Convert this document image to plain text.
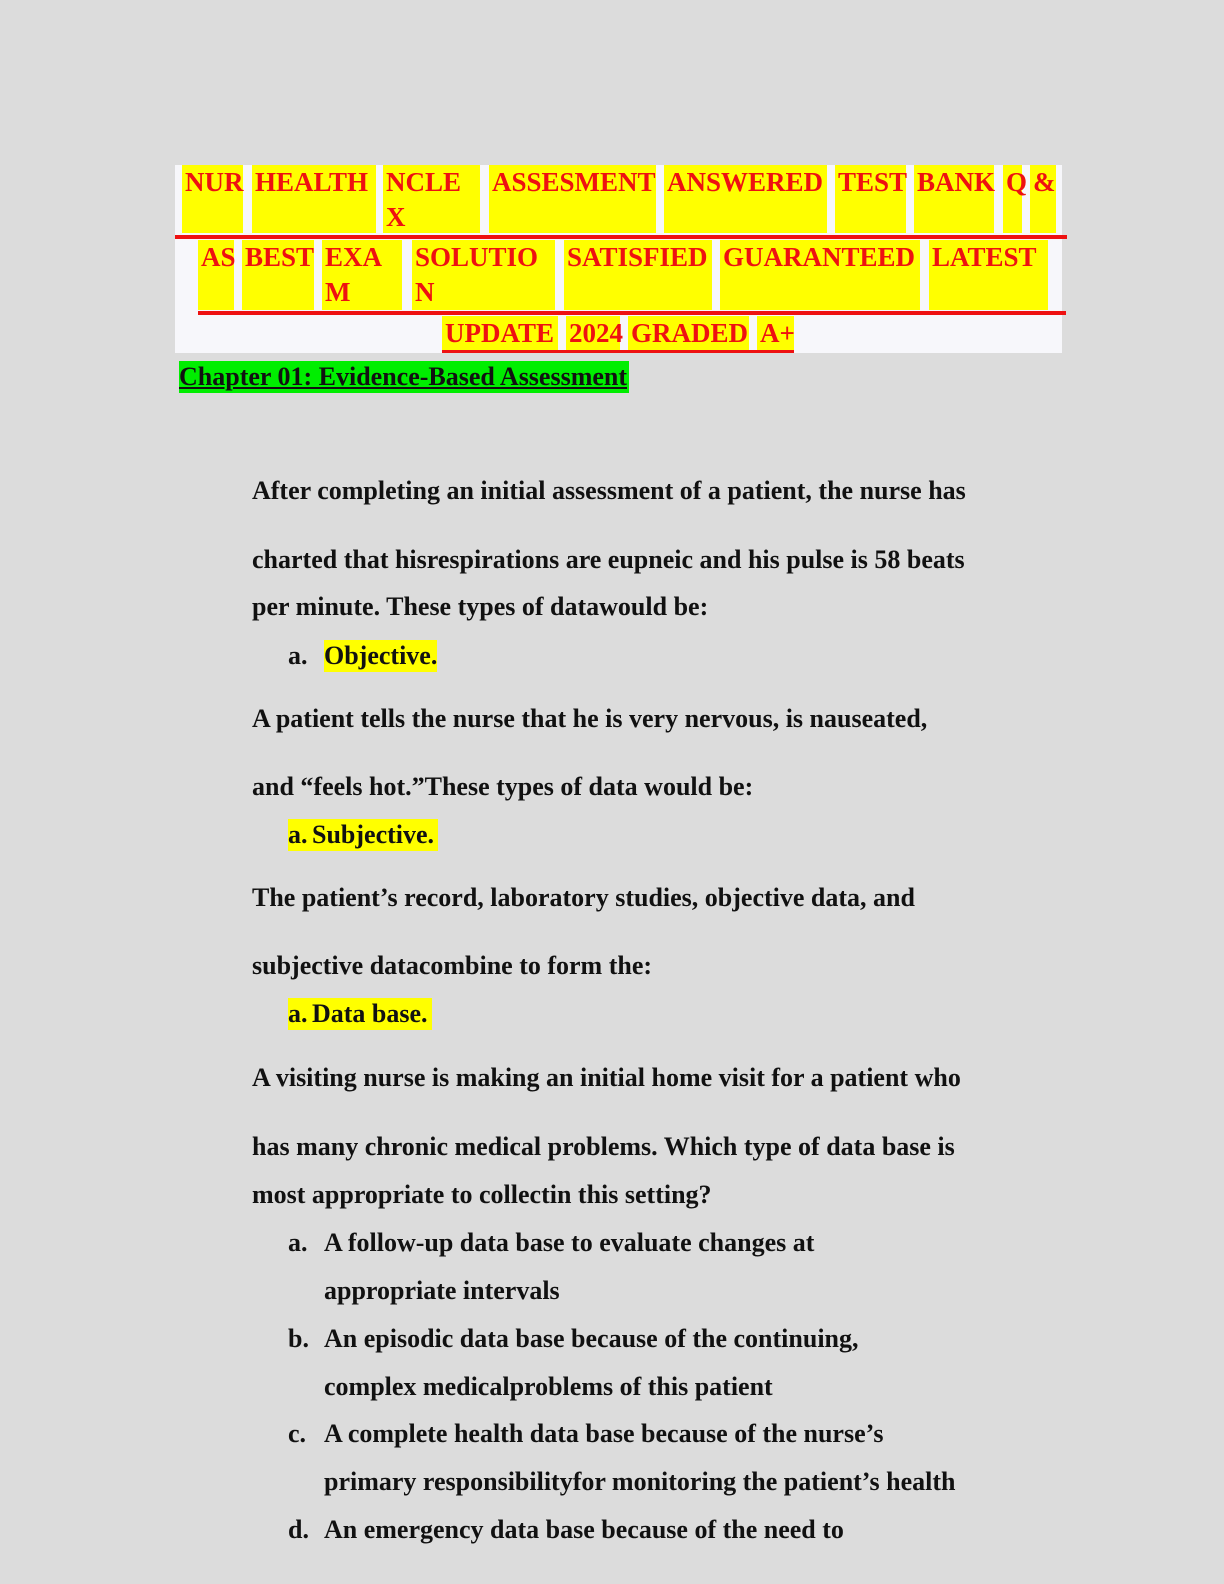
NUR HEALTH NCLE
X
ASSESMENT ANSWERED TEST BANK Q &
AS BEST EXA
M
SOLUTIO
N
SATISFIED GUARANTEED LATEST
UPDATE 2024 GRADED A+
Chapter 01: Evidence-Based Assessment
After completing an initial assessment of a patient, the nurse has
charted that hisrespirations are eupneic and his pulse is 58 beats
per minute. These types of datawould be:
a. Objective.
A patient tells the nurse that he is very nervous, is nauseated,
and “feels hot.”These types of data would be:
a. Subjective.
The patient’s record, laboratory studies, objective data, and
subjective datacombine to form the:
a. Data base.
A visiting nurse is making an initial home visit for a patient who
has many chronic medical problems. Which type of data base is
most appropriate to collectin this setting?
a. A follow-up data base to evaluate changes at
appropriate intervals
b. An episodic data base because of the continuing,
complex medicalproblems of this patient
c. A complete health data base because of the nurse’s
primary responsibilityfor monitoring the patient’s health
d. An emergency data base because of the need to
